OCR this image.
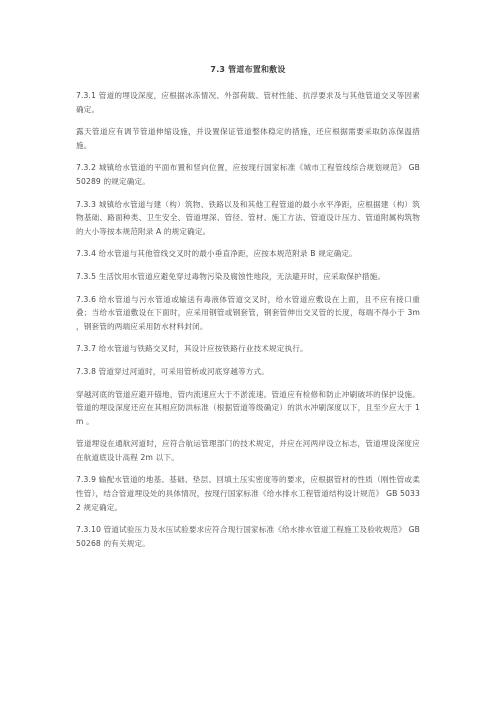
7.3 管道布置和敷设

7.3.1 管道的埋设深度，应根据冰冻情况、外部荷载、管材性能、抗浮要求及与其他管道交叉等因素确定。

露天管道应有调节管道伸缩设施，并设置保证管道整体稳定的措施，还应根据需要采取防冻保温措施。

7.3.2 城镇给水管道的平面布置和竖向位置，应按现行国家标准《城市工程管线综合规划规范》 GB 50289 的规定确定。

7.3.3 城镇给水管道与建（构）筑物、铁路以及和其他工程管道的最小水平净距，应根据建（构）筑物基础、路面种类、卫生安全、管道埋深、管径、管材、施工方法、管道设计压力、管道附属构筑物的大小等按本规范附录 A 的规定确定。

7.3.4 给水管道与其他管线交叉时的最小垂直净距，应按本规范附录 B 规定确定。

7.3.5 生活饮用水管道应避免穿过毒物污染及腐蚀性地段，无法避开时，应采取保护措施。

7.3.6 给水管道与污水管道或输送有毒液体管道交叉时，给水管道应敷设在上面，且不应有接口重叠；当给水管道敷设在下面时，应采用钢管或钢套管，钢套管伸出交叉管的长度，每端不得小于 3m ，钢套管的两端应采用防水材料封闭。

7.3.7 给水管道与铁路交叉时，其设计应按铁路行业技术规定执行。

7.3.8 管道穿过河道时，可采用管桥或河底穿越等方式。

穿越河底的管道应避开锚地，管内流速应大于不淤流速。管道应有检修和防止冲刷破坏的保护设施。管道的埋设深度还应在其相应防洪标准（根据管道等级确定）的洪水冲刷深度以下，且至少应大于 1m 。

管道埋设在通航河道时，应符合航运管理部门的技术规定，并应在河两岸设立标志，管道埋设深度应在航道底设计高程 2m 以下。

7.3.9 输配水管道的地基、基础、垫层、回填土压实密度等的要求，应根据管材的性质（刚性管或柔性管），结合管道埋设处的具体情况，按现行国家标准《给水排水工程管道结构设计规范》 GB 50332 规定确定。

7.3.10 管道试验压力及水压试验要求应符合现行国家标准《给水排水管道工程施工及验收规范》 GB 50268 的有关规定。
